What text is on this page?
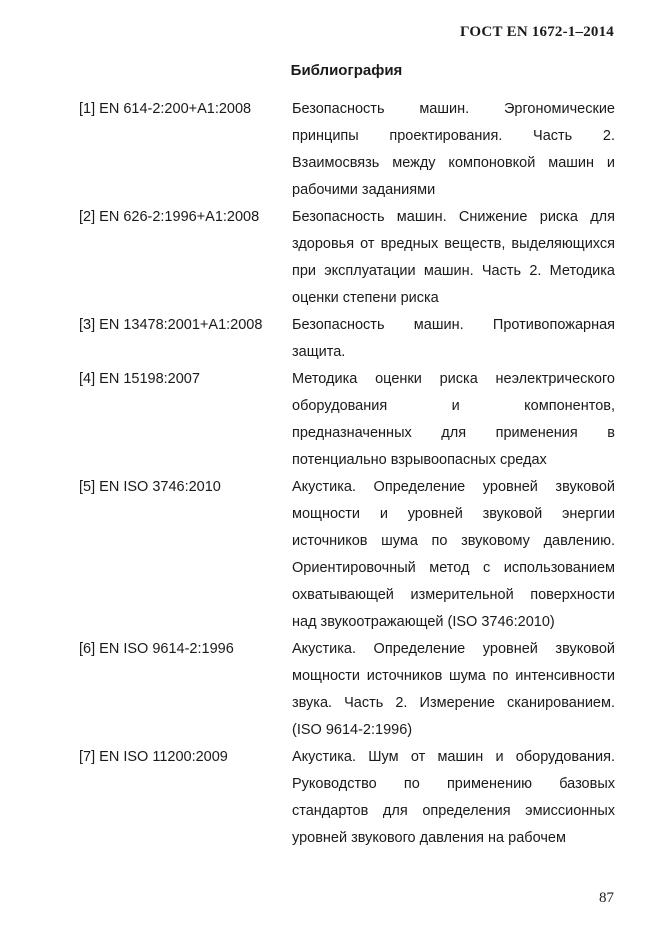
ГОСТ EN 1672-1–2014
Библиография
[1] EN 614-2:200+A1:2008	Безопасность машин. Эргономические принципы проектирования. Часть 2. Взаимосвязь между компоновкой машин и рабочими заданиями
[2] EN 626-2:1996+A1:2008	Безопасность машин. Снижение риска для здоровья от вредных веществ, выделяющихся при эксплуатации машин. Часть 2. Методика оценки степени риска
[3] EN 13478:2001+A1:2008	Безопасность машин. Противопожарная защита.
[4] EN 15198:2007	Методика оценки риска неэлектрического оборудования и компонентов, предназначенных для применения в потенциально взрывоопасных средах
[5] EN ISO 3746:2010	Акустика. Определение уровней звуковой мощности и уровней звуковой энергии источников шума по звуковому давлению. Ориентировочный метод с использованием охватывающей измерительной поверхности над звукоотражающей (ISO 3746:2010)
[6] EN ISO 9614-2:1996	Акустика. Определение уровней звуковой мощности источников шума по интенсивности звука. Часть 2. Измерение сканированием. (ISO 9614-2:1996)
[7] EN ISO 11200:2009	Акустика. Шум от машин и оборудования. Руководство по применению базовых стандартов для определения эмиссионных уровней звукового давления на рабочем
87
